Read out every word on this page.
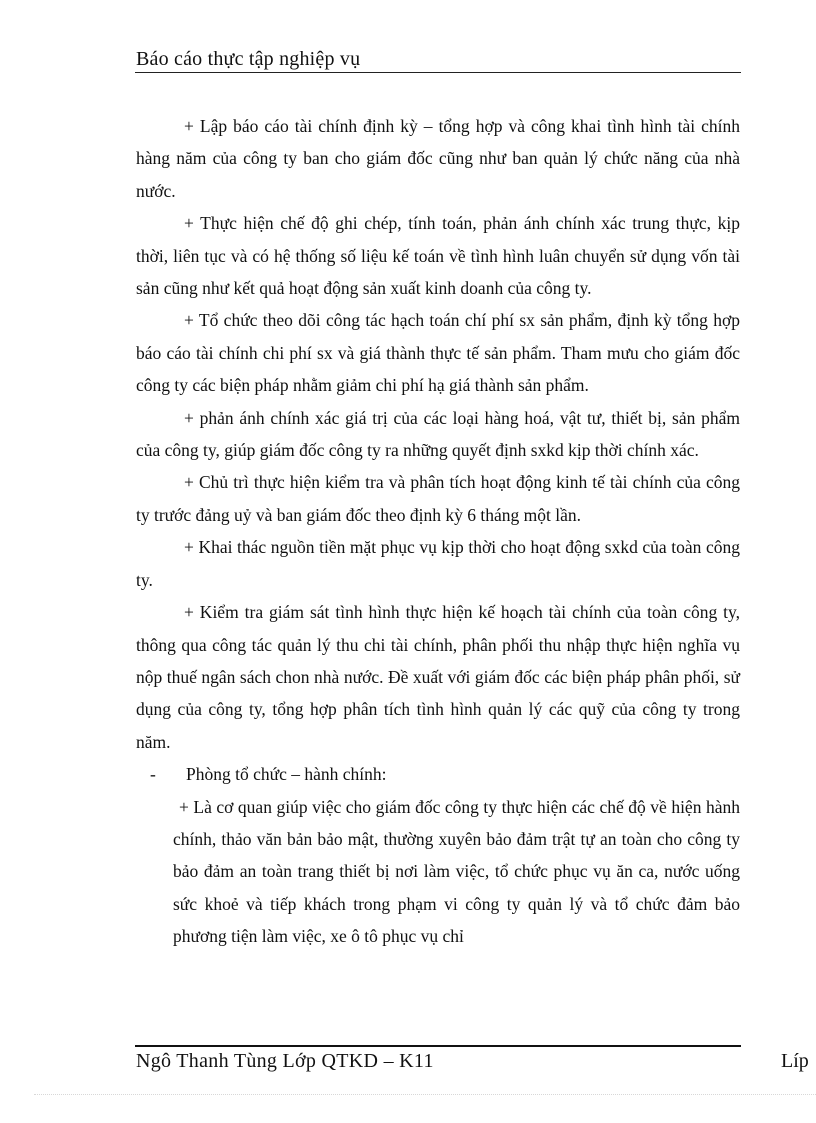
Báo cáo thực tập nghiệp vụ

+ Lập báo cáo tài chính định kỳ – tổng hợp và công khai tình hình tài chính hàng năm của công ty ban cho giám đốc cũng như ban quản lý chức năng của nhà nước.

+ Thực hiện chế độ ghi chép, tính toán, phản ánh chính xác trung thực, kịp thời, liên tục và có hệ thống số liệu kế toán về tình hình luân chuyển sử dụng vốn tài sản cũng như kết quả hoạt động sản xuất kinh doanh của công ty.

+ Tổ chức theo dõi công tác hạch toán chí phí sx sản phẩm, định kỳ tổng hợp báo cáo tài chính chi phí sx và giá thành thực tế sản phẩm. Tham mưu cho giám đốc công ty các biện pháp nhằm giảm chi phí hạ giá thành sản phẩm.

+ phản ánh chính xác giá trị của các loại hàng hoá, vật tư, thiết bị, sản phẩm của công ty, giúp giám đốc công ty ra những quyết định sxkd kịp thời chính xác.

+ Chủ trì thực hiện kiểm tra và phân tích hoạt động kinh tế tài chính của công ty trước đảng uỷ và ban giám đốc theo định kỳ 6 tháng một lần.

+ Khai thác nguồn tiền mặt phục vụ kịp thời cho hoạt động sxkd của toàn công ty.

+ Kiểm tra giám sát tình hình thực hiện kế hoạch tài chính của toàn công ty, thông qua công tác quản lý thu chi tài chính, phân phối thu nhập thực hiện nghĩa vụ nộp thuế ngân sách chon nhà nước. Đề xuất với giám đốc các biện pháp phân phối, sử dụng của công ty, tổng hợp phân tích tình hình quản lý các quỹ của công ty trong năm.

- Phòng tổ chức – hành chính:

+ Là cơ quan giúp việc cho giám đốc công ty thực hiện các chế độ về hiện hành chính, thảo văn bản bảo mật, thường xuyên bảo đảm trật tự an toàn cho công ty bảo đảm an toàn trang thiết bị nơi làm việc, tổ chức phục vụ ăn ca, nước uống sức khoẻ và tiếp khách trong phạm vi công ty quản lý và tổ chức đảm bảo phương tiện làm việc, xe ô tô phục vụ chỉ

Ngô Thanh Tùng Lớp QTKD – K11	Líp
